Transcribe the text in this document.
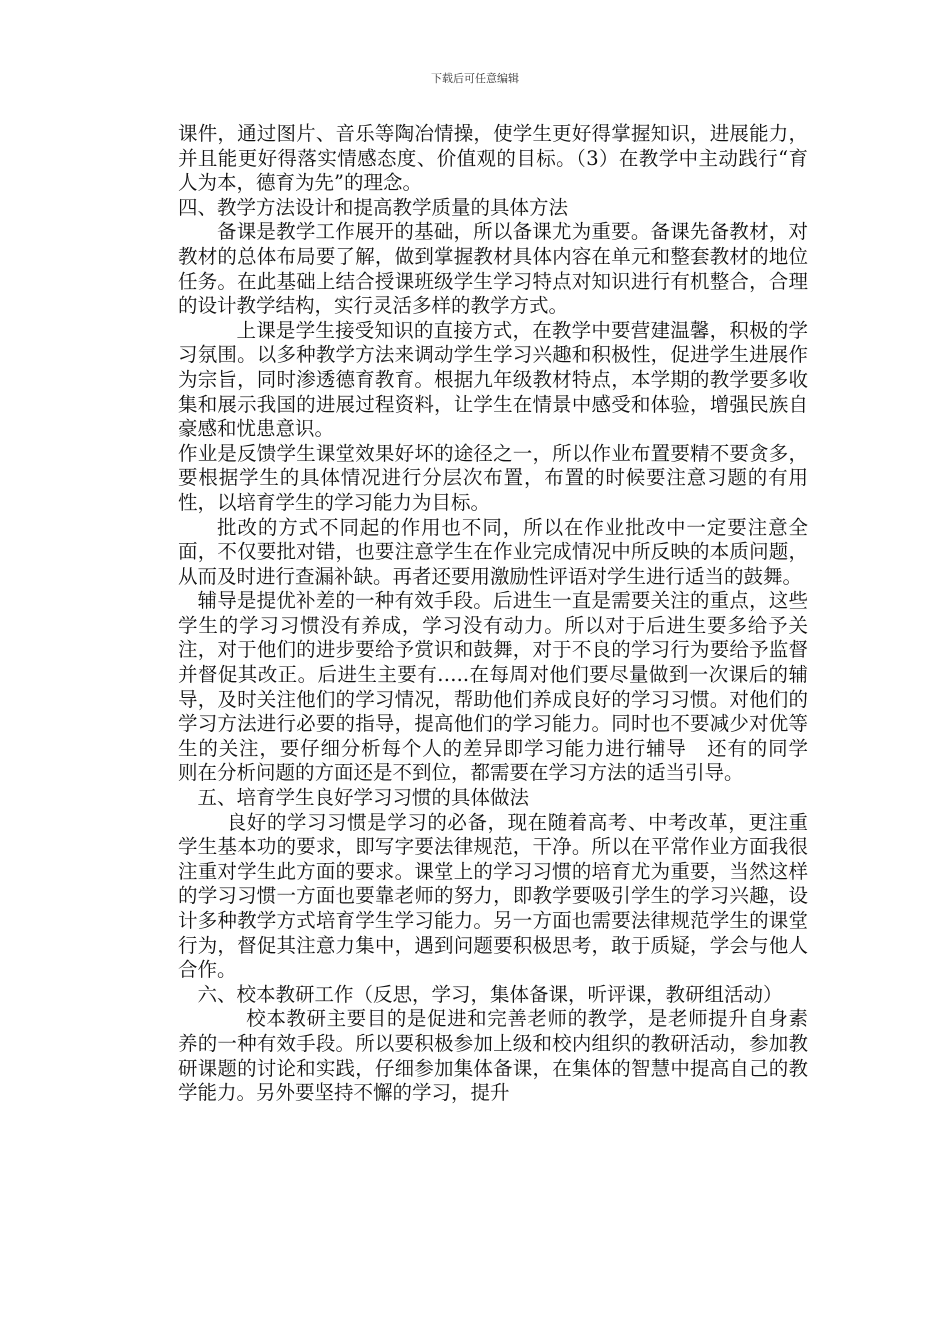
下载后可任意编辑

课件，通过图片、音乐等陶冶情操，使学生更好得掌握知识，进展能力，并且能更好得落实情感态度、价值观的目标。（3）在教学中主动践行“育人为本，德育为先”的理念。

四、教学方法设计和提高教学质量的具体方法

备课是教学工作展开的基础，所以备课尤为重要。备课先备教材，对教材的总体布局要了解，做到掌握教材具体内容在单元和整套教材的地位任务。在此基础上结合授课班级学生学习特点对知识进行有机整合，合理的设计教学结构，实行灵活多样的教学方式。

上课是学生接受知识的直接方式，在教学中要营建温馨，积极的学习氛围。以多种教学方法来调动学生学习兴趣和积极性，促进学生进展作为宗旨，同时渗透德育教育。根据九年级教材特点，本学期的教学要多收集和展示我国的进展过程资料，让学生在情景中感受和体验，增强民族自豪感和忧患意识。

作业是反馈学生课堂效果好坏的途径之一，所以作业布置要精不要贪多，要根据学生的具体情况进行分层次布置，布置的时候要注意习题的有用性，以培育学生的学习能力为目标。

批改的方式不同起的作用也不同，所以在作业批改中一定要注意全面，不仅要批对错，也要注意学生在作业完成情况中所反映的本质问题，从而及时进行查漏补缺。再者还要用激励性评语对学生进行适当的鼓舞。

辅导是提优补差的一种有效手段。后进生一直是需要关注的重点，这些学生的学习习惯没有养成，学习没有动力。所以对于后进生要多给予关注，对于他们的进步要给予赏识和鼓舞，对于不良的学习行为要给予监督并督促其改正。后进生主要有…..在每周对他们要尽量做到一次课后的辅导，及时关注他们的学习情况，帮助他们养成良好的学习习惯。对他们的学习方法进行必要的指导，提高他们的学习能力。同时也不要减少对优等生的关注，要仔细分析每个人的差异即学习能力进行辅导　还有的同学　则在分析问题的方面还是不到位，都需要在学习方法的适当引导。

五、培育学生良好学习习惯的具体做法

良好的学习习惯是学习的必备，现在随着高考、中考改革，更注重学生基本功的要求，即写字要法律规范，干净。所以在平常作业方面我很注重对学生此方面的要求。课堂上的学习习惯的培育尤为重要，当然这样的学习习惯一方面也要靠老师的努力，即教学要吸引学生的学习兴趣，设计多种教学方式培育学生学习能力。另一方面也需要法律规范学生的课堂行为，督促其注意力集中，遇到问题要积极思考，敢于质疑，学会与他人合作。

六、校本教研工作（反思，学习，集体备课，听评课，教研组活动）

校本教研主要目的是促进和完善老师的教学，是老师提升自身素养的一种有效手段。所以要积极参加上级和校内组织的教研活动，参加教研课题的讨论和实践，仔细参加集体备课，在集体的智慧中提高自己的教学能力。另外要坚持不懈的学习，提升
